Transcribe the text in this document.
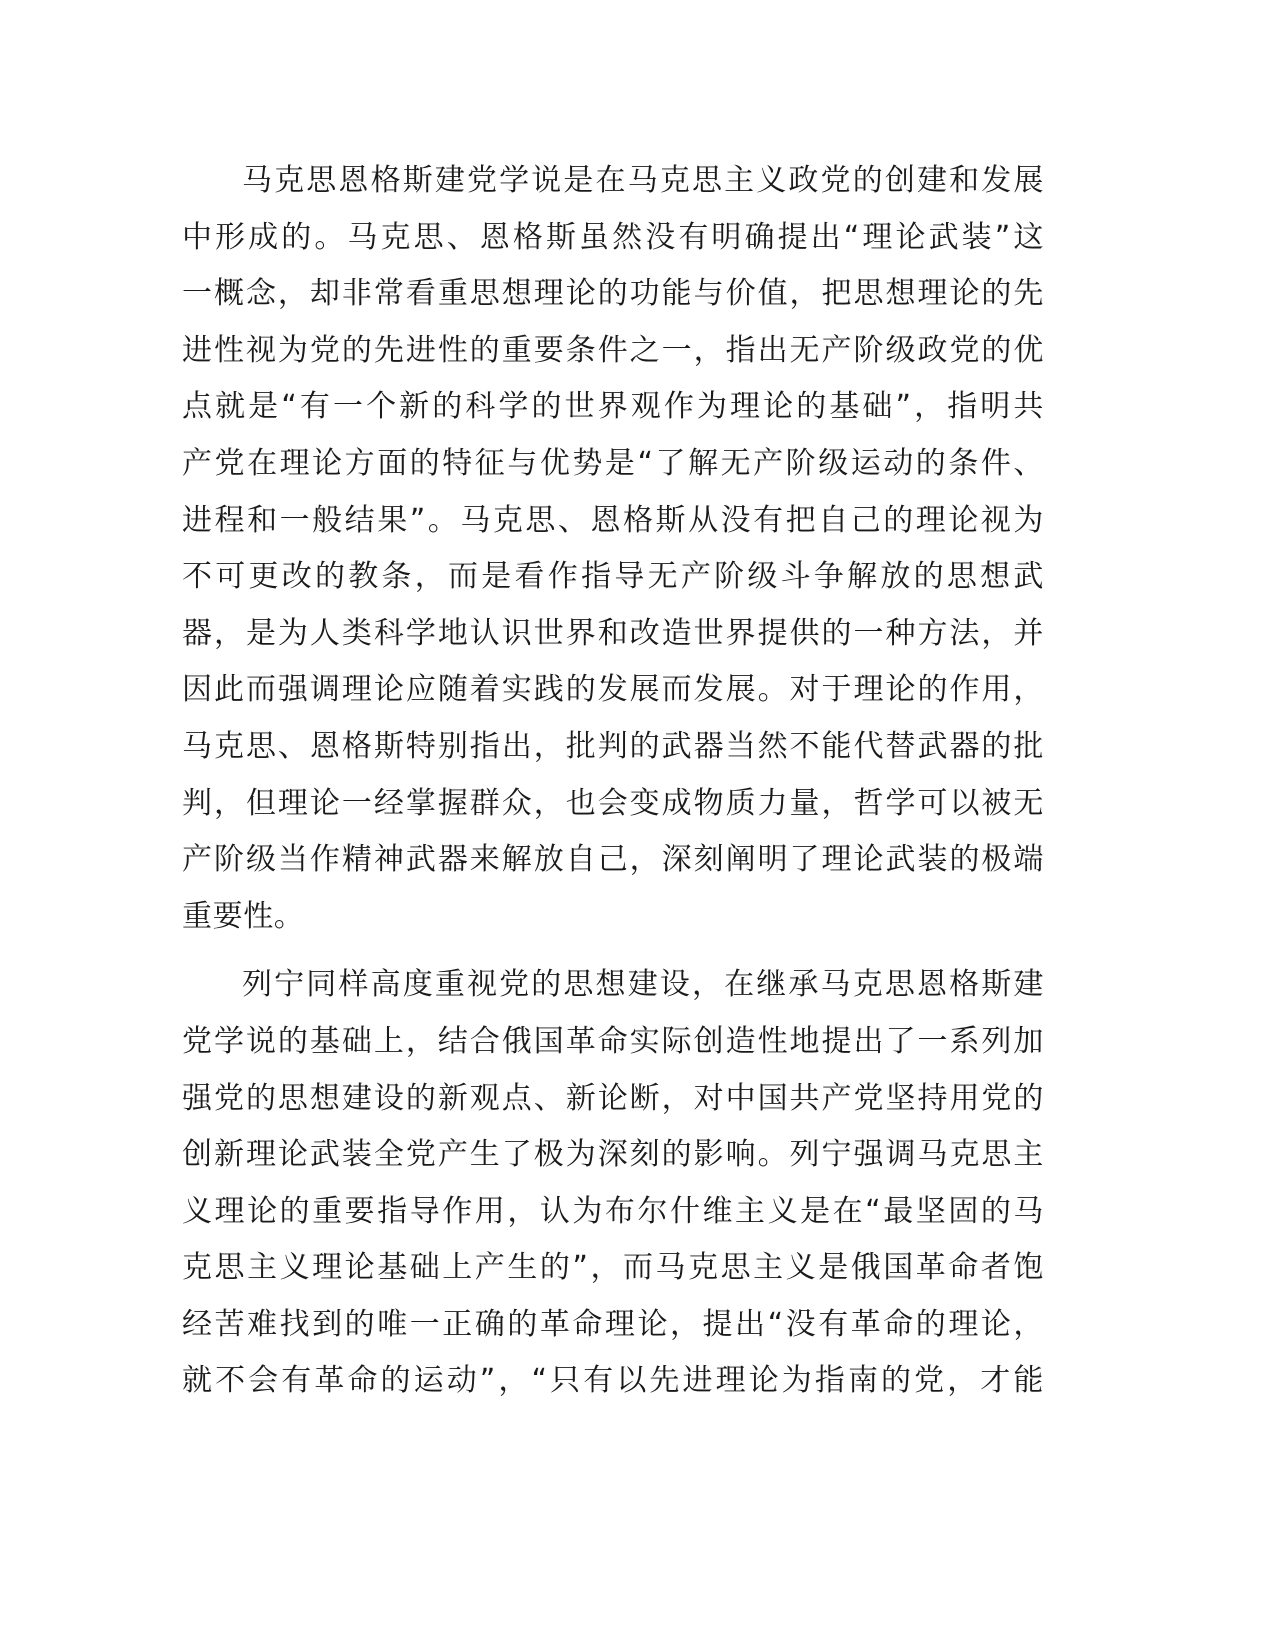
马克思恩格斯建党学说是在马克思主义政党的创建和发展
中形成的。马克思、恩格斯虽然没有明确提出“理论武装”这
一概念，却非常看重思想理论的功能与价值，把思想理论的先
进性视为党的先进性的重要条件之一，指出无产阶级政党的优
点就是“有一个新的科学的世界观作为理论的基础”，指明共
产党在理论方面的特征与优势是“了解无产阶级运动的条件、
进程和一般结果”。马克思、恩格斯从没有把自己的理论视为
不可更改的教条，而是看作指导无产阶级斗争解放的思想武
器，是为人类科学地认识世界和改造世界提供的一种方法，并
因此而强调理论应随着实践的发展而发展。对于理论的作用，
马克思、恩格斯特别指出，批判的武器当然不能代替武器的批
判，但理论一经掌握群众，也会变成物质力量，哲学可以被无
产阶级当作精神武器来解放自己，深刻阐明了理论武装的极端
重要性。
列宁同样高度重视党的思想建设，在继承马克思恩格斯建
党学说的基础上，结合俄国革命实际创造性地提出了一系列加
强党的思想建设的新观点、新论断，对中国共产党坚持用党的
创新理论武装全党产生了极为深刻的影响。列宁强调马克思主
义理论的重要指导作用，认为布尔什维主义是在“最坚固的马
克思主义理论基础上产生的”，而马克思主义是俄国革命者饱
经苦难找到的唯一正确的革命理论，提出“没有革命的理论，
就不会有革命的运动”，“只有以先进理论为指南的党，才能
